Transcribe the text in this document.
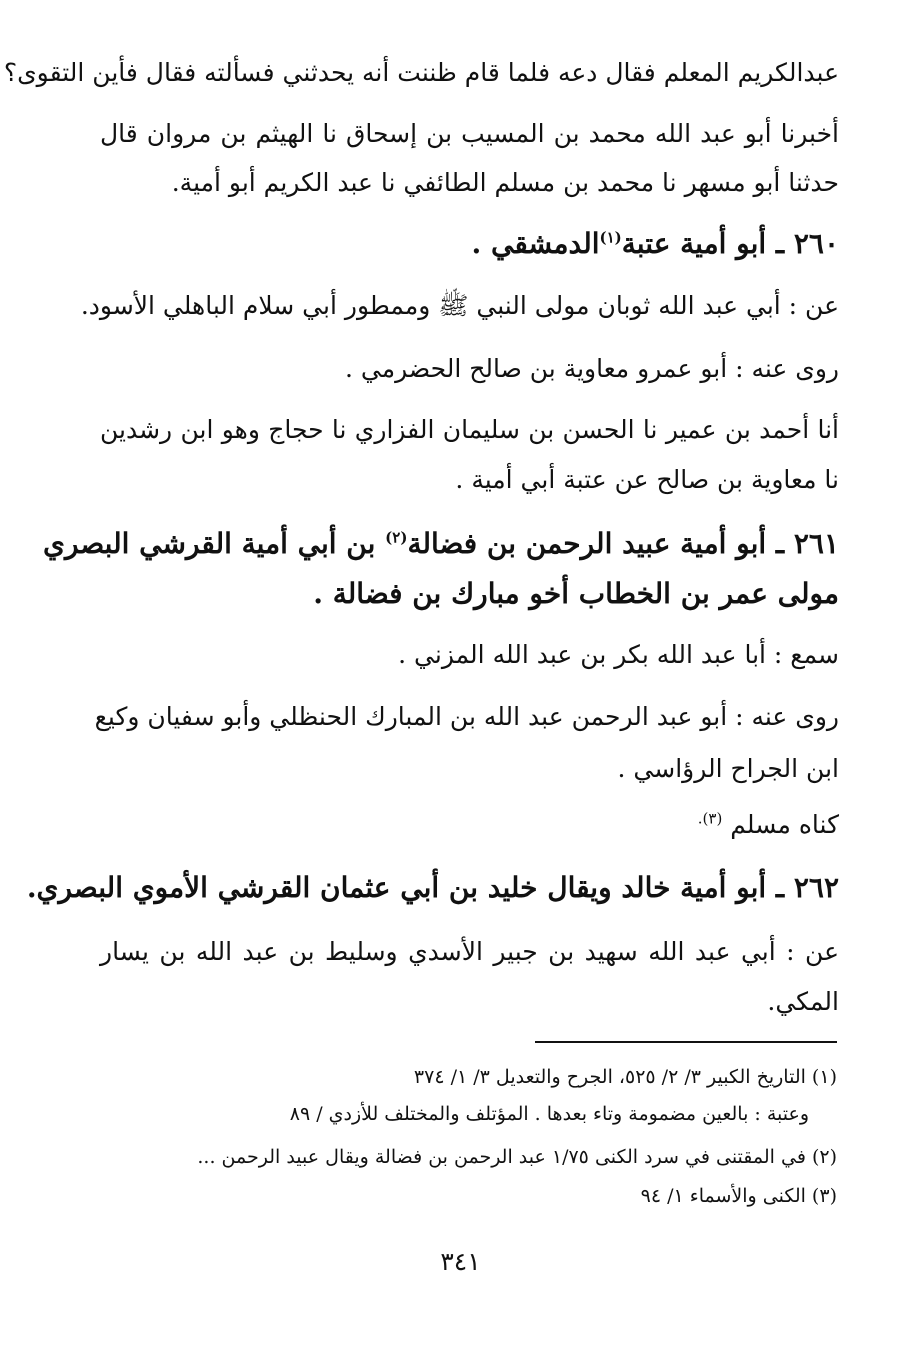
عبدالكريم المعلم فقال دعه فلما قام ظننت أنه يحدثني فسألته فقال فأين التقوى؟
أخبرنا أبو عبد الله محمد بن المسيب بن إسحاق نا الهيثم بن مروان قال
حدثنا أبو مسهر نا محمد بن مسلم الطائفي نا عبد الكريم أبو أمية.
٢٦٠ ـ أبو أمية عتبة$^{(١)}$الدمشقي .
عن : أبي عبد الله ثوبان مولى النبي ﷺ وممطور أبي سلام الباهلي الأسود.
روى عنه : أبو عمرو معاوية بن صالح الحضرمي .
أنا أحمد بن عمير نا الحسن بن سليمان الفزاري نا حجاج وهو ابن رشدين
نا معاوية بن صالح عن عتبة أبي أمية .
٢٦١ ـ أبو أمية عبيد الرحمن بن فضالة$^{(٢)}$ بن أبي أمية القرشي البصري
مولى عمر بن الخطاب أخو مبارك بن فضالة .
سمع : أبا عبد الله بكر بن عبد الله المزني .
روى عنه : أبو عبد الرحمن عبد الله بن المبارك الحنظلي وأبو سفيان وكيع
ابن الجراح الرؤاسي .
كناه مسلم $^{(٣).}$
٢٦٢ ـ أبو أمية خالد ويقال خليد بن أبي عثمان القرشي الأموي البصري.
عن : أبي عبد الله سهيد بن جبير الأسدي وسليط بن عبد الله بن يسار
المكي.
(١) التاريخ الكبير ٣/ ٢/ ٥٢٥، الجرح والتعديل ٣/ ١/ ٣٧٤
وعتبة : بالعين مضمومة وتاء بعدها . المؤتلف والمختلف للأزدي / ٨٩
(٢) في المقتنى في سرد الكنى ١/٧٥ عبد الرحمن بن فضالة ويقال عبيد الرحمن ...
(٣) الكنى والأسماء ١/ ٩٤
٣٤١
